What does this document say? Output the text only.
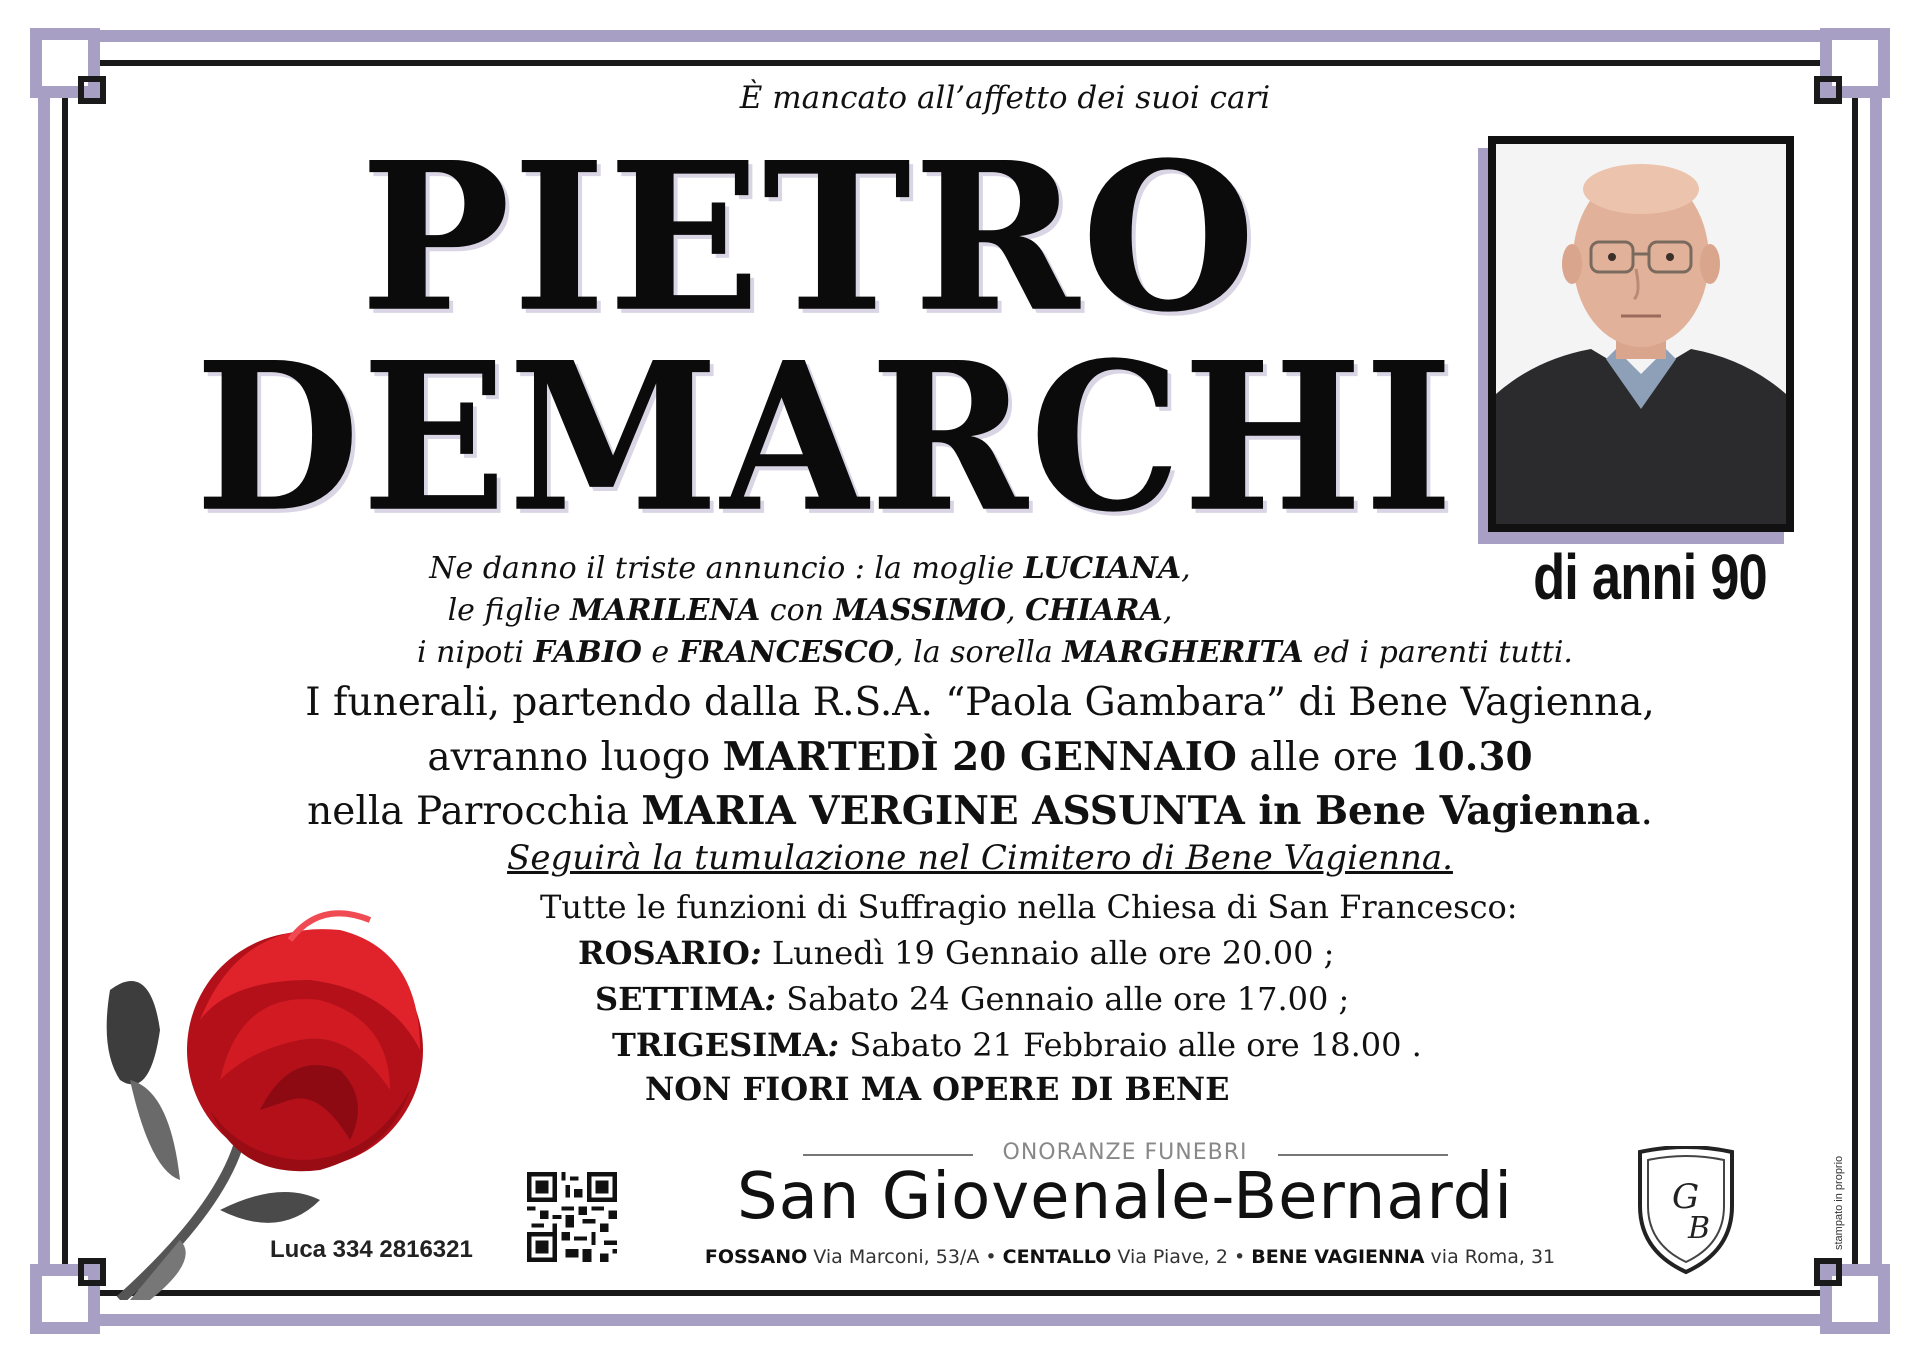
È mancato all’affetto dei suoi cari
PIETRO
DEMARCHI
di anni 90
Ne danno il triste annuncio : la moglie LUCIANA,
le figlie MARILENA con MASSIMO, CHIARA,
i nipoti FABIO e FRANCESCO, la sorella MARGHERITA ed i parenti tutti.
I funerali, partendo dalla R.S.A. “Paola Gambara” di Bene Vagienna,
avranno luogo MARTEDÌ 20 GENNAIO alle ore 10.30
nella Parrocchia MARIA VERGINE ASSUNTA in Bene Vagienna.
Seguirà la tumulazione nel Cimitero di Bene Vagienna.
Tutte le funzioni di Suffragio nella Chiesa di San Francesco:
ROSARIO: Lunedì 19 Gennaio alle ore 20.00 ;
SETTIMA: Sabato 24 Gennaio alle ore 17.00 ;
TRIGESIMA: Sabato 21 Febbraio alle ore 18.00 .
NON FIORI MA OPERE DI BENE
Luca 334 2816321
ONORANZE FUNEBRI
San Giovenale-Bernardi
FOSSANO Via Marconi, 53/A • CENTALLO Via Piave, 2 • BENE VAGIENNA via Roma, 31
G
B	stampato in proprio
